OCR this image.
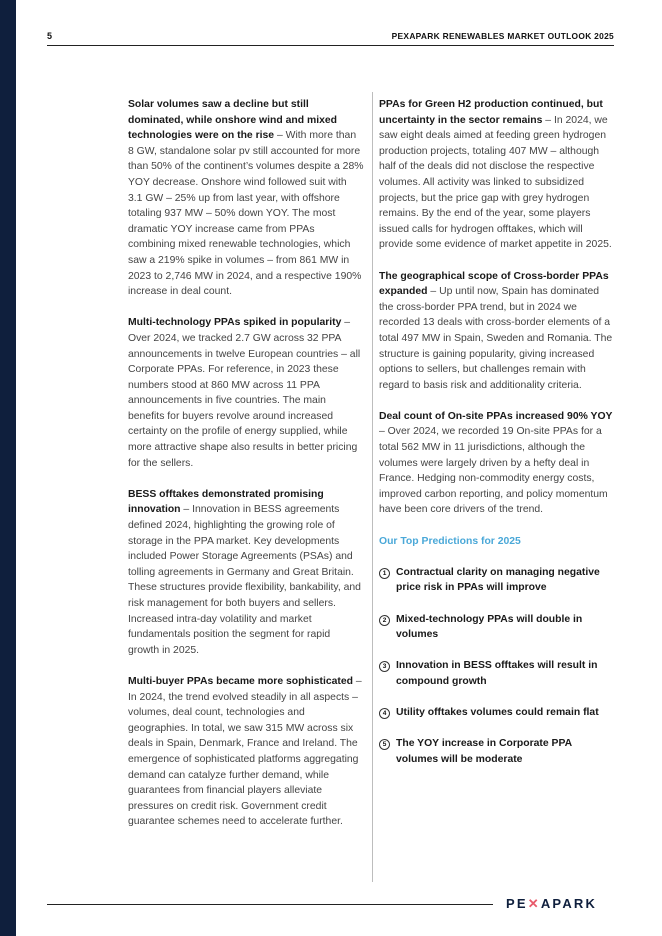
5	PEXAPARK RENEWABLES MARKET OUTLOOK 2025

Solar volumes saw a decline but still dominated, while onshore wind and mixed technologies were on the rise – With more than 8 GW, standalone solar pv still accounted for more than 50% of the continent’s volumes despite a 28% YOY decrease. Onshore wind followed suit with 3.1 GW – 25% up from last year, with offshore totaling 937 MW – 50% down YOY. The most dramatic YOY increase came from PPAs combining mixed renewable technologies, which saw a 219% spike in volumes – from 861 MW in 2023 to 2,746 MW in 2024, and a respective 190% increase in deal count.

Multi-technology PPAs spiked in popularity – Over 2024, we tracked 2.7 GW across 32 PPA announcements in twelve European countries – all Corporate PPAs. For reference, in 2023 these numbers stood at 860 MW across 11 PPA announcements in five countries. The main benefits for buyers revolve around increased certainty on the profile of energy supplied, while more attractive shape also results in better pricing for the sellers.

BESS offtakes demonstrated promising innovation – Innovation in BESS agreements defined 2024, highlighting the growing role of storage in the PPA market. Key developments included Power Storage Agreements (PSAs) and tolling agreements in Germany and Great Britain. These structures provide flexibility, bankability, and risk management for both buyers and sellers. Increased intra-day volatility and market fundamentals position the segment for rapid growth in 2025.

Multi-buyer PPAs became more sophisticated – In 2024, the trend evolved steadily in all aspects – volumes, deal count, technologies and geographies. In total, we saw 315 MW across six deals in Spain, Denmark, France and Ireland. The emergence of sophisticated platforms aggregating demand can catalyze further demand, while guarantees from financial players alleviate pressures on credit risk. Government credit guarantee schemes need to accelerate further.

PPAs for Green H2 production continued, but uncertainty in the sector remains – In 2024, we saw eight deals aimed at feeding green hydrogen production projects, totaling 407 MW – although half of the deals did not disclose the respective volumes. All activity was linked to subsidized projects, but the price gap with grey hydrogen remains. By the end of the year, some players issued calls for hydrogen offtakes, which will provide some evidence of market appetite in 2025.

The geographical scope of Cross-border PPAs expanded – Up until now, Spain has dominated the cross-border PPA trend, but in 2024 we recorded 13 deals with cross-border elements of a total 497 MW in Spain, Sweden and Romania. The structure is gaining popularity, giving increased options to sellers, but challenges remain with regard to basis risk and additionality criteria.

Deal count of On-site PPAs increased 90% YOY – Over 2024, we recorded 19 On-site PPAs for a total 562 MW in 11 jurisdictions, although the volumes were largely driven by a hefty deal in France. Hedging non-commodity energy costs, improved carbon reporting, and policy momentum have been core drivers of the trend.

Our Top Predictions for 2025
1 Contractual clarity on managing negative price risk in PPAs will improve
2 Mixed-technology PPAs will double in volumes
3 Innovation in BESS offtakes will result in compound growth
4 Utility offtakes volumes could remain flat
5 The YOY increase in Corporate PPA volumes will be moderate
PE✕APARK
